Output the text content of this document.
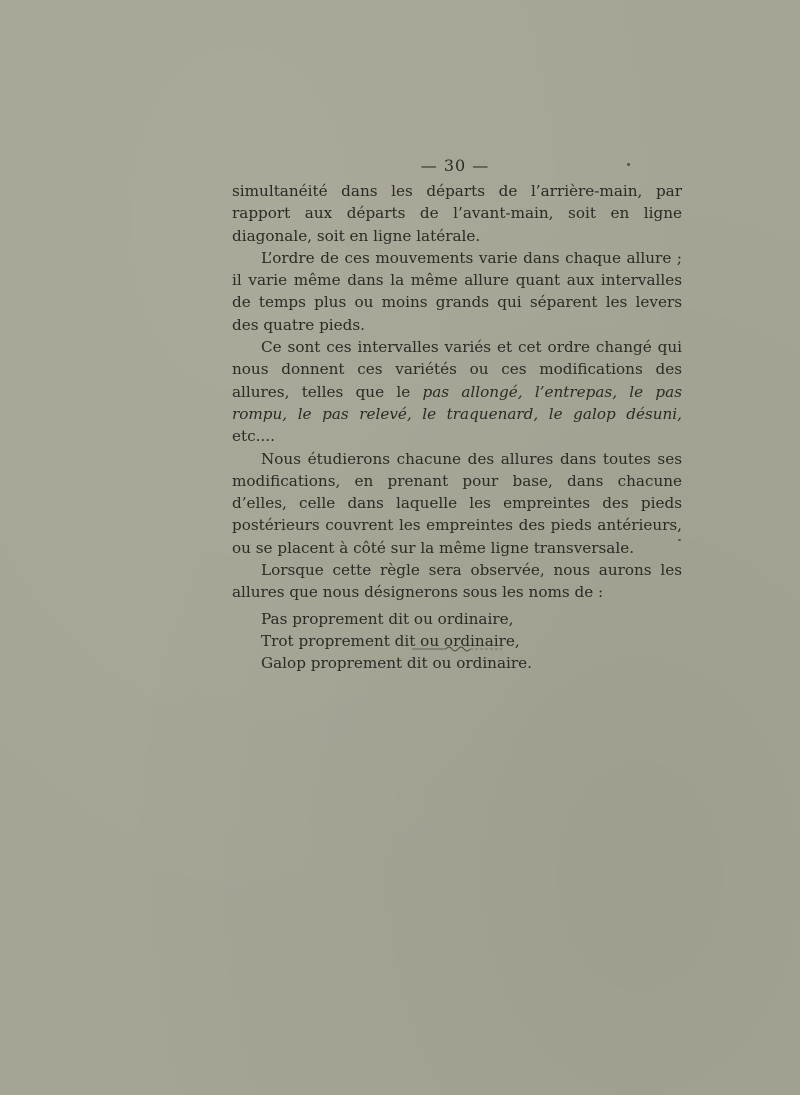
— 30 —

simultanéité dans les départs de l’arrière-main, par rapport aux départs de l’avant-main, soit en ligne diagonale, soit en ligne latérale.

L’ordre de ces mouvements varie dans chaque allure ; il varie même dans la même allure quant aux intervalles de temps plus ou moins grands qui séparent les levers des quatre pieds.

Ce sont ces intervalles variés et cet ordre changé qui nous donnent ces variétés ou ces modifications des allures, telles que le pas allongé, l’entrepas, le pas rompu, le pas relevé, le traquenard, le galop désuni, etc....

Nous étudierons chacune des allures dans toutes ses modifications, en prenant pour base, dans chacune d’elles, celle dans laquelle les empreintes des pieds postérieurs couvrent les empreintes des pieds antérieurs, ou se placent à côté sur la même ligne transversale.

Lorsque cette règle sera observée, nous aurons les allures que nous désignerons sous les noms de :

Pas proprement dit ou ordinaire,

Trot proprement dit ou ordinaire,

Galop proprement dit ou ordinaire.
